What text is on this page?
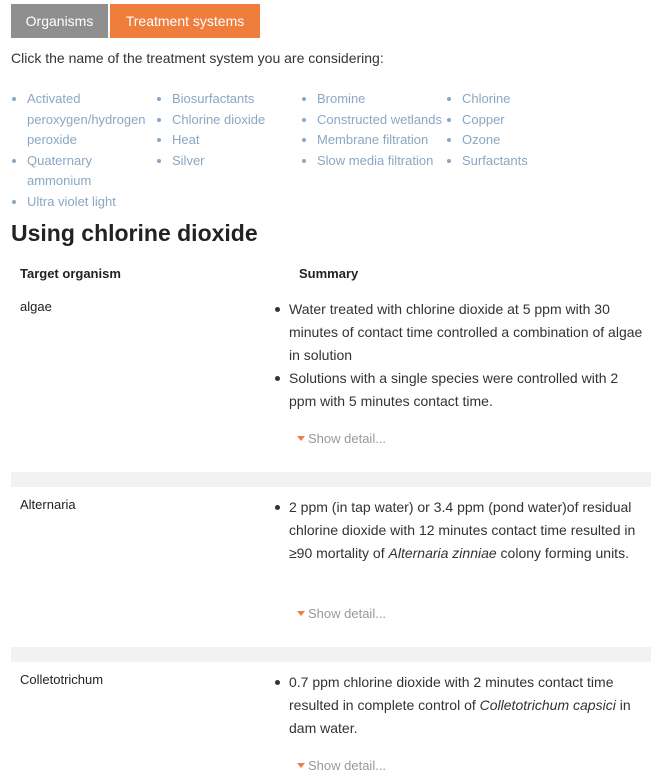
Organisms	Treatment systems
Click the name of the treatment system you are considering:
Activated peroxygen/hydrogen peroxide
Quaternary ammonium
Ultra violet light
Biosurfactants
Chlorine dioxide
Heat
Silver
Bromine
Constructed wetlands
Membrane filtration
Slow media filtration
Chlorine
Copper
Ozone
Surfactants
Using chlorine dioxide
Target organism	Summary
algae	Water treated with chlorine dioxide at 5 ppm with 30 minutes of contact time controlled a combination of algae in solution
Solutions with a single species were controlled with 2 ppm with 5 minutes contact time.
Show detail...
Alternaria	2 ppm (in tap water) or 3.4 ppm (pond water)of residual chlorine dioxide with 12 minutes contact time resulted in ≥90 mortality of Alternaria zinniae colony forming units.
Show detail...
Colletotrichum	0.7 ppm chlorine dioxide with 2 minutes contact time resulted in complete control of Colletotrichum capsici in dam water.
Show detail...
